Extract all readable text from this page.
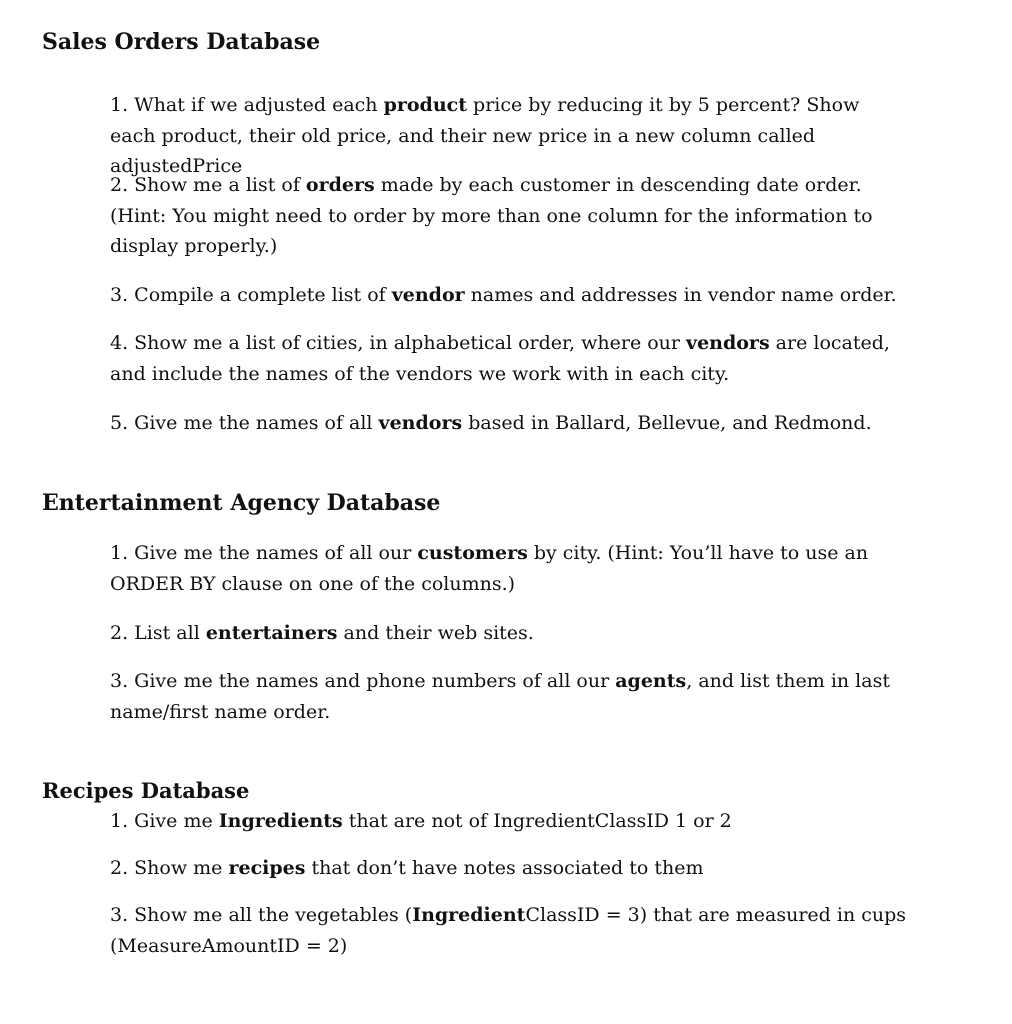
Sales Orders Database

1. What if we adjusted each product price by reducing it by 5 percent? Show each product, their old price, and their new price in a new column called adjustedPrice

2. Show me a list of orders made by each customer in descending date order. (Hint: You might need to order by more than one column for the information to display properly.)

3. Compile a complete list of vendor names and addresses in vendor name order.

4. Show me a list of cities, in alphabetical order, where our vendors are located, and include the names of the vendors we work with in each city.

5. Give me the names of all vendors based in Ballard, Bellevue, and Redmond.

Entertainment Agency Database

1. Give me the names of all our customers by city. (Hint: You’ll have to use an ORDER BY clause on one of the columns.)

2. List all entertainers and their web sites.

3. Give me the names and phone numbers of all our agents, and list them in last name/first name order.

Recipes Database

1. Give me Ingredients that are not of IngredientClassID 1 or 2

2. Show me recipes that don’t have notes associated to them

3. Show me all the vegetables (IngredientClassID = 3) that are measured in cups (MeasureAmountID = 2)
